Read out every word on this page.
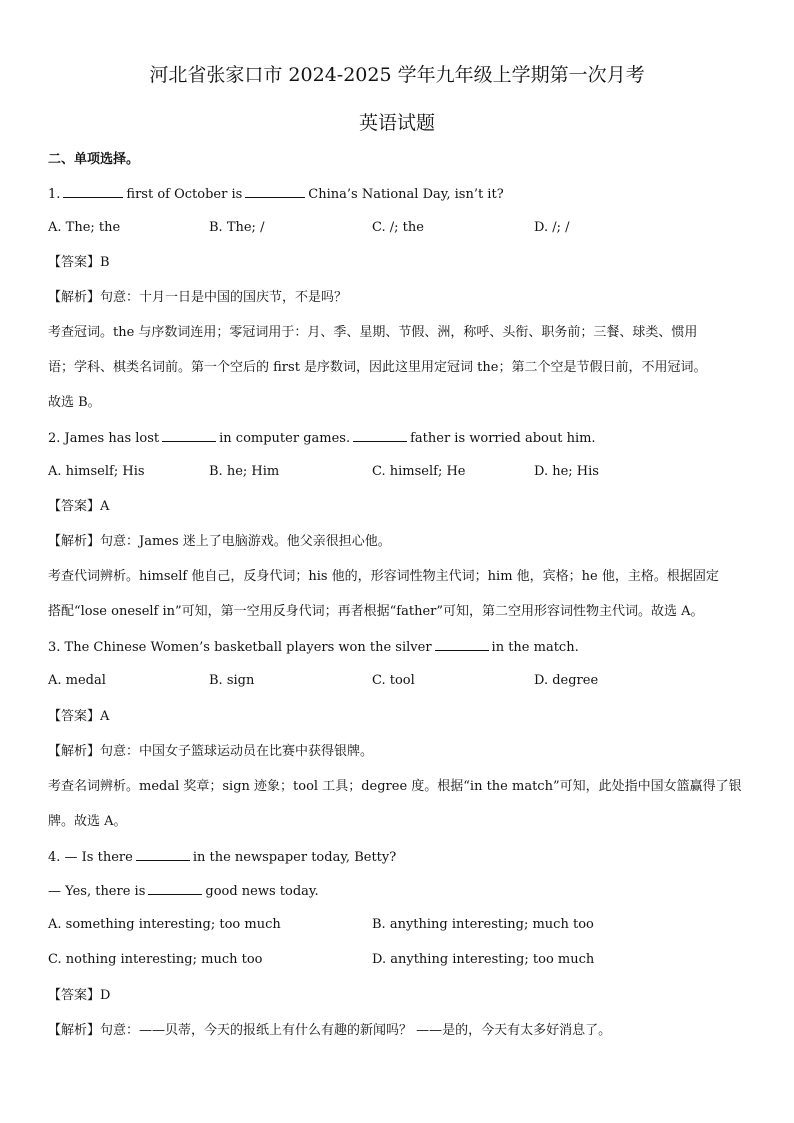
河北省张家口市 2024-2025 学年九年级上学期第一次月考
英语试题
二、单项选择。
1.	first of October is	China’s National Day, isn’t it?
A. The; the	B. The; /	C. /; the	D. /; /
【答案】B
【解析】句意：十月一日是中国的国庆节，不是吗？
考查冠词。the 与序数词连用；零冠词用于：月、季、星期、节假、洲，称呼、头衔、职务前；三餐、球类、惯用
语；学科、棋类名词前。第一个空后的 first 是序数词，因此这里用定冠词 the；第二个空是节假日前，不用冠词。
故选 B。
2. James has lost	in computer games.	father is worried about him.
A. himself; His	B. he; Him	C. himself; He	D. he; His
【答案】A
【解析】句意：James 迷上了电脑游戏。他父亲很担心他。
考查代词辨析。himself 他自己，反身代词；his 他的，形容词性物主代词；him 他，宾格；he 他，主格。根据固定
搭配“lose oneself in”可知，第一空用反身代词；再者根据“father”可知，第二空用形容词性物主代词。故选 A。
3. The Chinese Women’s basketball players won the silver	in the match.
A. medal	B. sign	C. tool	D. degree
【答案】A
【解析】句意：中国女子篮球运动员在比赛中获得银牌。
考查名词辨析。medal 奖章；sign 迹象；tool 工具；degree 度。根据“in the match”可知，此处指中国女篮赢得了银
牌。故选 A。
4. — Is there	in the newspaper today, Betty?
— Yes, there is	good news today.
A. something interesting; too much	B. anything interesting; much too
C. nothing interesting; much too	D. anything interesting; too much
【答案】D
【解析】句意：——贝蒂，今天的报纸上有什么有趣的新闻吗？ ——是的，今天有太多好消息了。
